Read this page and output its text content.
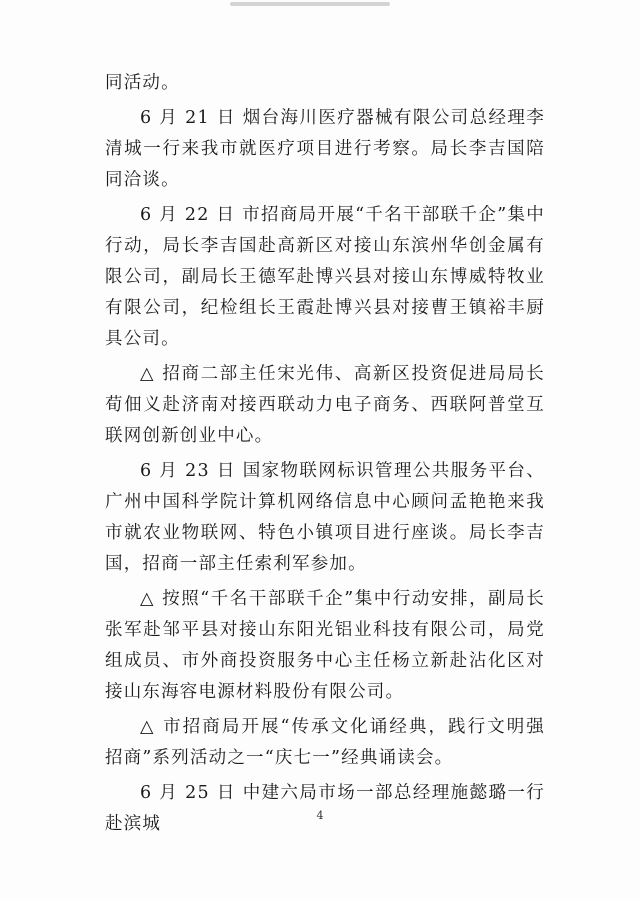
同活动。

6 月 21 日 烟台海川医疗器械有限公司总经理李清城一行来我市就医疗项目进行考察。局长李吉国陪同洽谈。

6 月 22 日 市招商局开展“千名干部联千企”集中行动，局长李吉国赴高新区对接山东滨州华创金属有限公司，副局长王德军赴博兴县对接山东博威特牧业有限公司，纪检组长王霞赴博兴县对接曹王镇裕丰厨具公司。

△ 招商二部主任宋光伟、高新区投资促进局局长荀佃义赴济南对接西联动力电子商务、西联阿普堂互联网创新创业中心。

6 月 23 日 国家物联网标识管理公共服务平台、广州中国科学院计算机网络信息中心顾问孟艳艳来我市就农业物联网、特色小镇项目进行座谈。局长李吉国，招商一部主任索利军参加。

△ 按照“千名干部联千企”集中行动安排，副局长张军赴邹平县对接山东阳光铝业科技有限公司，局党组成员、市外商投资服务中心主任杨立新赴沾化区对接山东海容电源材料股份有限公司。

△ 市招商局开展“传承文化诵经典，践行文明强招商”系列活动之一“庆七一”经典诵读会。

6 月 25 日 中建六局市场一部总经理施懿璐一行赴滨城	4
